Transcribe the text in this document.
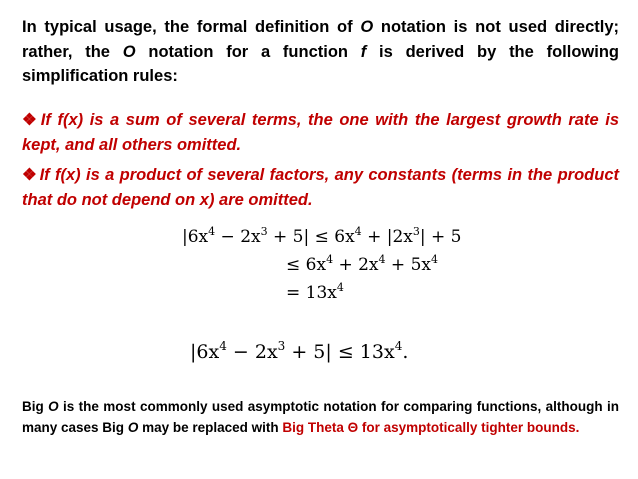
In typical usage, the formal definition of O notation is not used directly; rather, the O notation for a function f is derived by the following simplification rules:

❖ If f(x) is a sum of several terms, the one with the largest growth rate is kept, and all others omitted.

❖ If f(x) is a product of several factors, any constants (terms in the product that do not depend on x) are omitted.

$|6x^4 - 2x^3 + 5| \le 6x^4 + |2x^3| + 5$
≤ $6x^4 + 2x^4 + 5x^4$
= $13x^4$
$|6x^4 - 2x^3 + 5| \le 13x^4$.

Big O is the most commonly used asymptotic notation for comparing functions, although in many cases Big O may be replaced with Big Theta Θ for asymptotically tighter bounds.
